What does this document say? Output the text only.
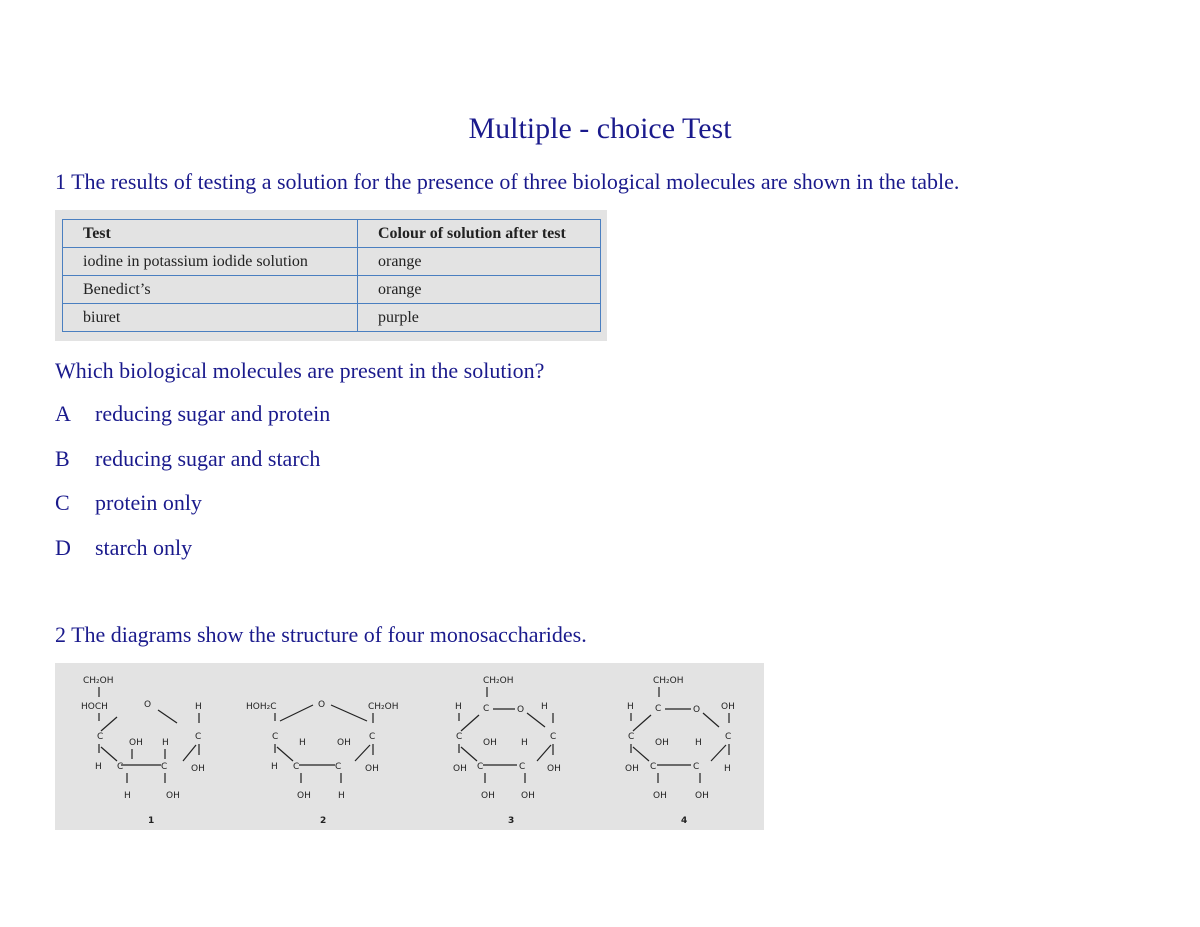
Multiple - choice Test
1 The results of testing a solution for the presence of three biological molecules are shown in the table.
Test	Colour of solution after test
iodine in potassium iodide solution	orange
Benedict’s	orange
biuret	purple
Which biological molecules are present in the solution?
A reducing sugar and protein
B reducing sugar and starch
C protein only
D starch only
2 The diagrams show the structure of four monosaccharides.
CH₂OH
HOCH	O	H
C
OH H
C
H C	C	OH
H	OH
1
HOH₂C	O	CH₂OH
C
H	OH
C
H C	C	OH
OH	H
2
CH₂OH
H C	O H
C
OH	H
C
OH C	C OH
OH	OH
3
CH₂OH
H C	O OH
C
OH	H
C
OH C	C	H
OH	OH
4
